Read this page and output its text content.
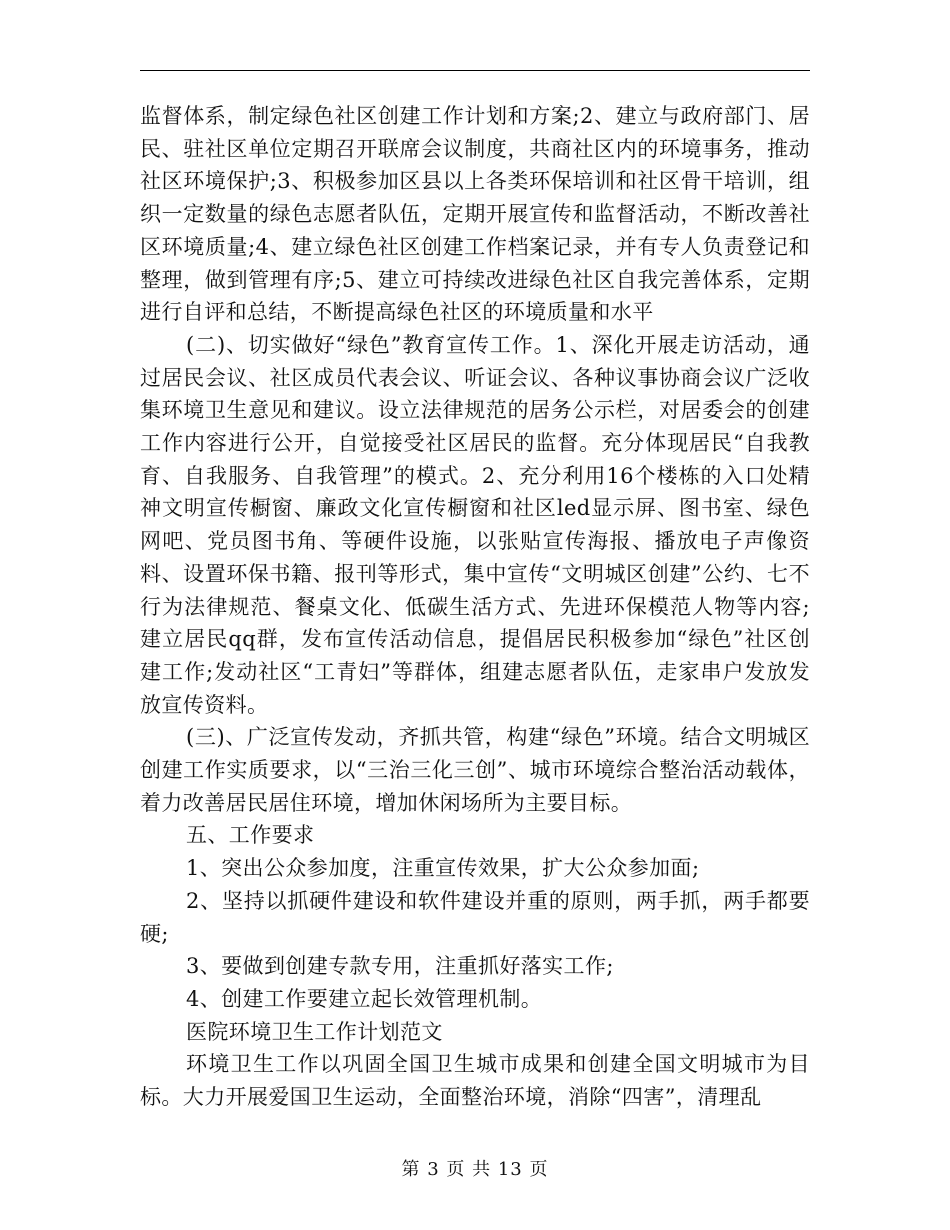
监督体系，制定绿色社区创建工作计划和方案;2、建立与政府部门、居民、驻社区单位定期召开联席会议制度，共商社区内的环境事务，推动社区环境保护;3、积极参加区县以上各类环保培训和社区骨干培训，组织一定数量的绿色志愿者队伍，定期开展宣传和监督活动，不断改善社区环境质量;4、建立绿色社区创建工作档案记录，并有专人负责登记和整理，做到管理有序;5、建立可持续改进绿色社区自我完善体系，定期进行自评和总结，不断提高绿色社区的环境质量和水平

(二)、切实做好“绿色”教育宣传工作。1、深化开展走访活动，通过居民会议、社区成员代表会议、听证会议、各种议事协商会议广泛收集环境卫生意见和建议。设立法律规范的居务公示栏，对居委会的创建工作内容进行公开，自觉接受社区居民的监督。充分体现居民“自我教育、自我服务、自我管理”的模式。2、充分利用16个楼栋的入口处精神文明宣传橱窗、廉政文化宣传橱窗和社区led显示屏、图书室、绿色网吧、党员图书角、等硬件设施，以张贴宣传海报、播放电子声像资料、设置环保书籍、报刊等形式，集中宣传“文明城区创建”公约、七不行为法律规范、餐桌文化、低碳生活方式、先进环保模范人物等内容;建立居民qq群，发布宣传活动信息，提倡居民积极参加“绿色”社区创建工作;发动社区“工青妇”等群体，组建志愿者队伍，走家串户发放发放宣传资料。

(三)、广泛宣传发动，齐抓共管，构建“绿色”环境。结合文明城区创建工作实质要求，以“三治三化三创”、城市环境综合整治活动载体，着力改善居民居住环境，增加休闲场所为主要目标。

五、工作要求

1、突出公众参加度，注重宣传效果，扩大公众参加面;

2、坚持以抓硬件建设和软件建设并重的原则，两手抓，两手都要硬;

3、要做到创建专款专用，注重抓好落实工作;

4、创建工作要建立起长效管理机制。

医院环境卫生工作计划范文

环境卫生工作以巩固全国卫生城市成果和创建全国文明城市为目标。大力开展爱国卫生运动，全面整治环境，消除“四害”，清理乱

第 3 页 共 13 页
